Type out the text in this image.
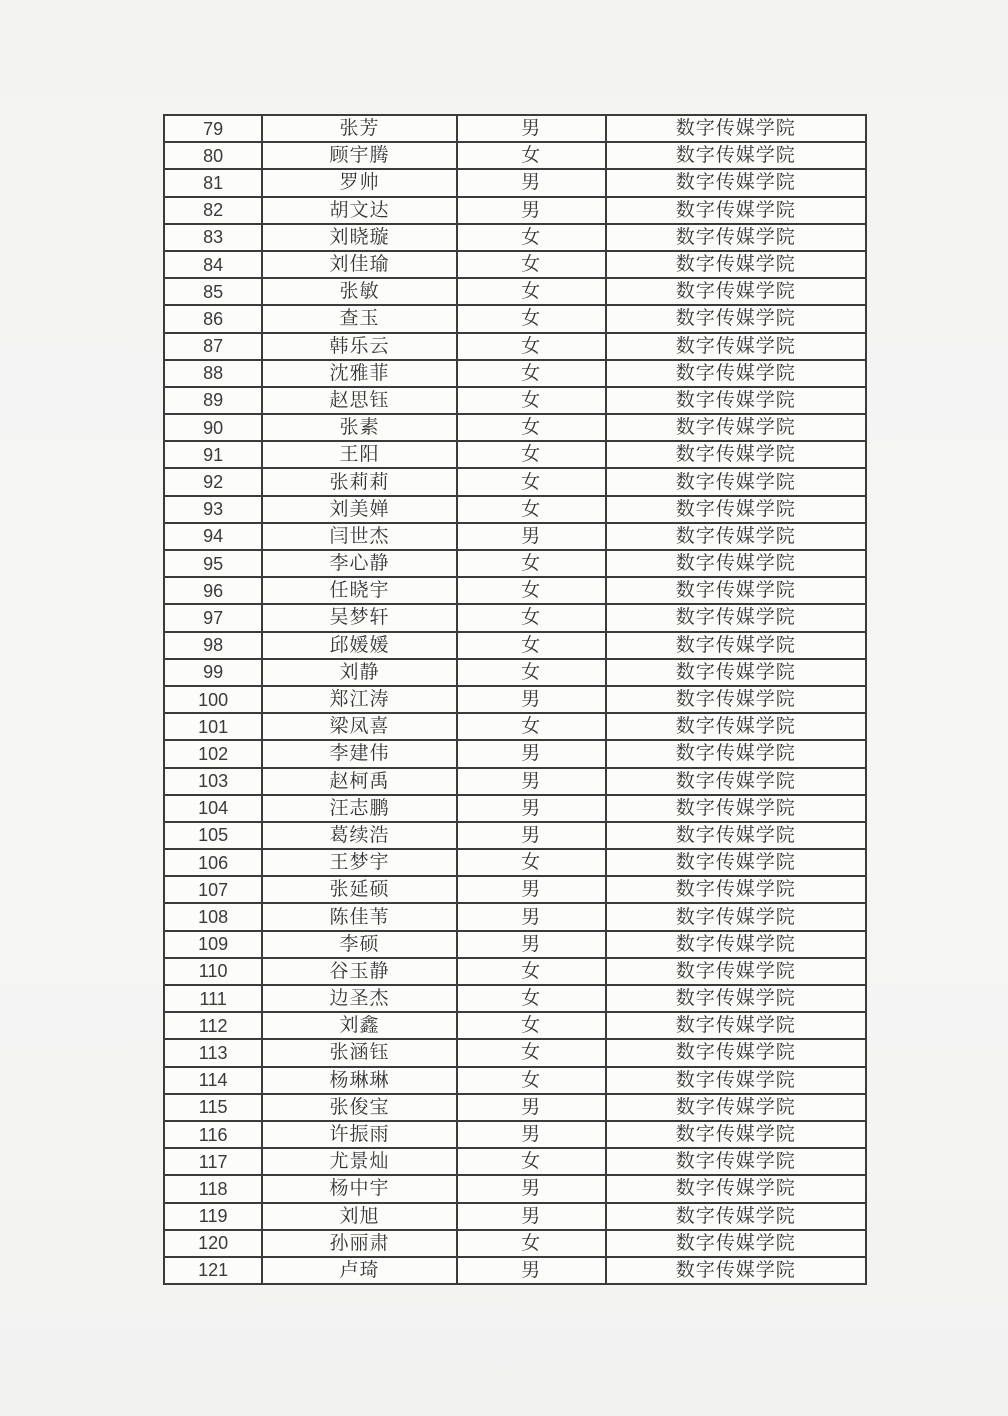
79	张芳	男	数字传媒学院
80	顾宇腾	女	数字传媒学院
81	罗帅	男	数字传媒学院
82	胡文达	男	数字传媒学院
83	刘晓璇	女	数字传媒学院
84	刘佳瑜	女	数字传媒学院
85	张敏	女	数字传媒学院
86	查玉	女	数字传媒学院
87	韩乐云	女	数字传媒学院
88	沈雅菲	女	数字传媒学院
89	赵思钰	女	数字传媒学院
90	张素	女	数字传媒学院
91	王阳	女	数字传媒学院
92	张莉莉	女	数字传媒学院
93	刘美婵	女	数字传媒学院
94	闫世杰	男	数字传媒学院
95	李心静	女	数字传媒学院
96	任晓宇	女	数字传媒学院
97	吴梦轩	女	数字传媒学院
98	邱媛媛	女	数字传媒学院
99	刘静	女	数字传媒学院
100	郑江涛	男	数字传媒学院
101	梁凤喜	女	数字传媒学院
102	李建伟	男	数字传媒学院
103	赵柯禹	男	数字传媒学院
104	汪志鹏	男	数字传媒学院
105	葛续浩	男	数字传媒学院
106	王梦宇	女	数字传媒学院
107	张延硕	男	数字传媒学院
108	陈佳苇	男	数字传媒学院
109	李硕	男	数字传媒学院
110	谷玉静	女	数字传媒学院
111	边圣杰	女	数字传媒学院
112	刘鑫	女	数字传媒学院
113	张涵钰	女	数字传媒学院
114	杨琳琳	女	数字传媒学院
115	张俊宝	男	数字传媒学院
116	许振雨	男	数字传媒学院
117	尤景灿	女	数字传媒学院
118	杨中宇	男	数字传媒学院
119	刘旭	男	数字传媒学院
120	孙丽肃	女	数字传媒学院
121	卢琦	男	数字传媒学院
